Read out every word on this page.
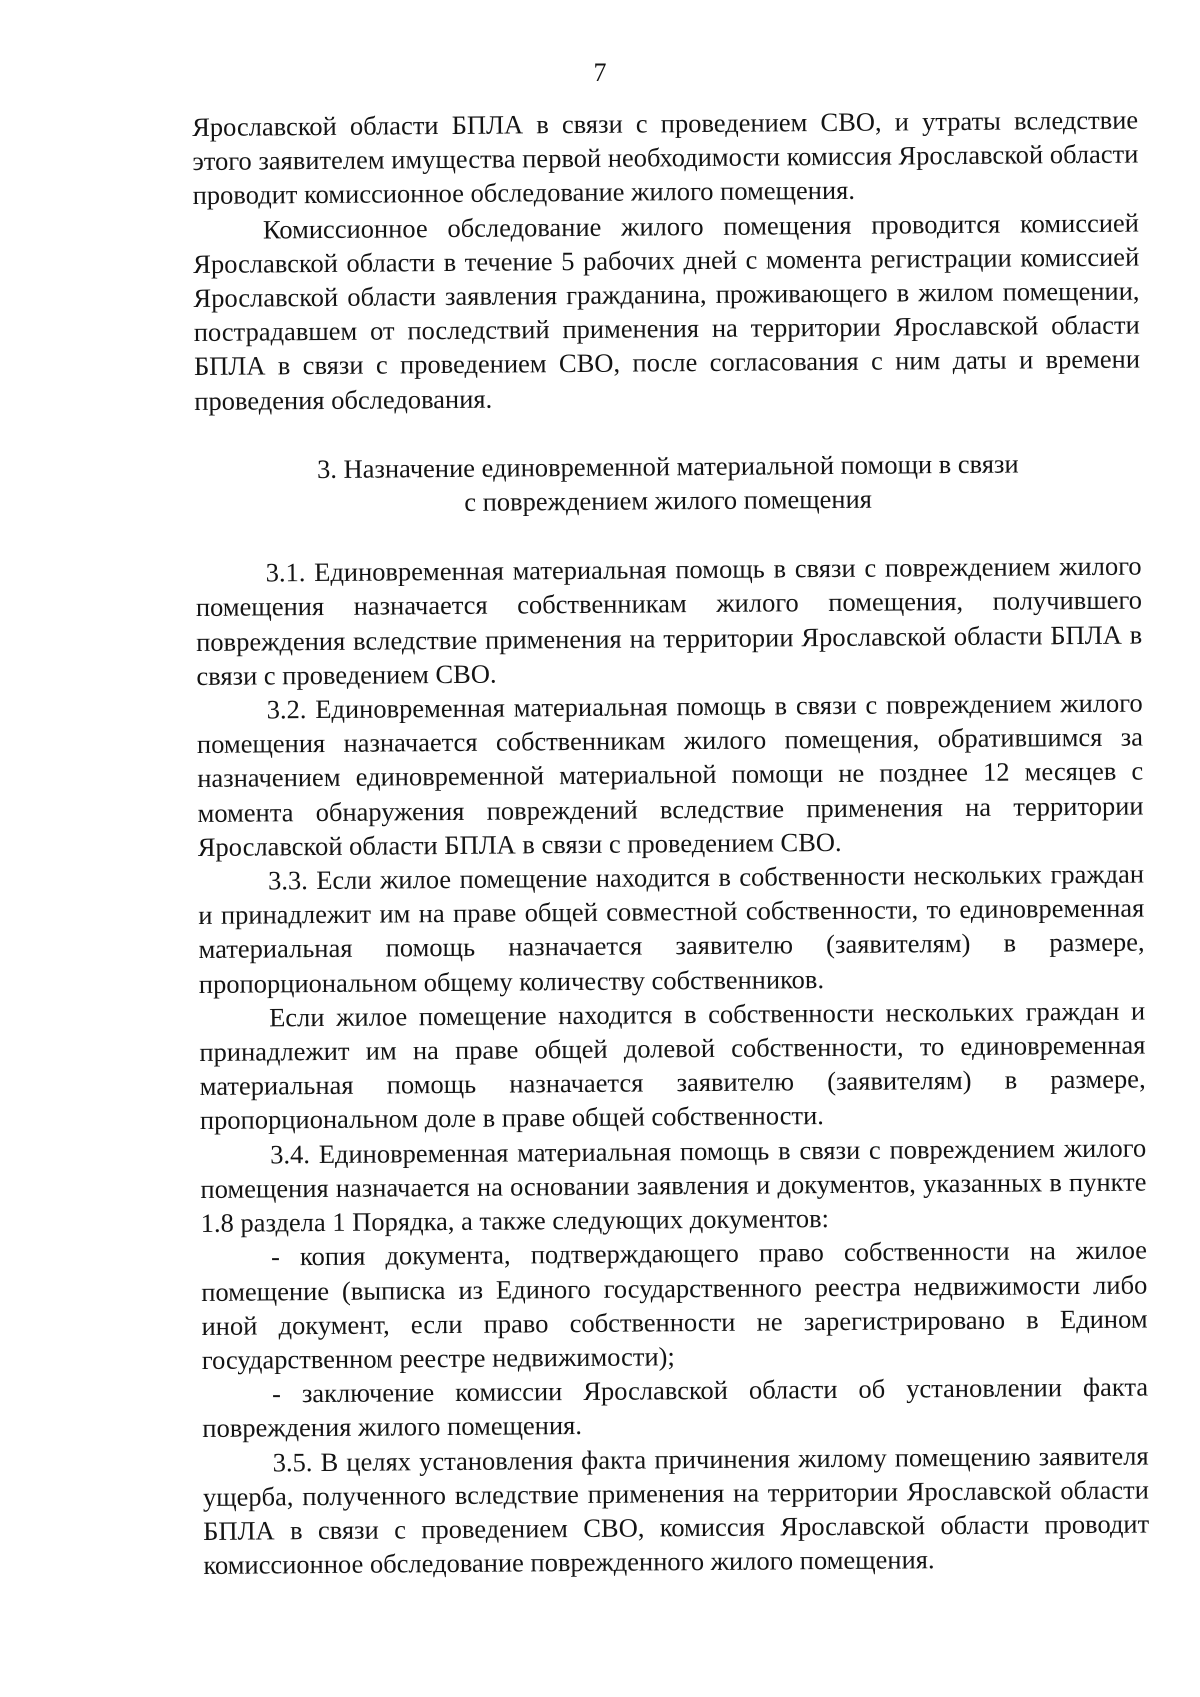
7

Ярославской области БПЛА в связи с проведением СВО, и утраты вследствие этого заявителем имущества первой необходимости комиссия Ярославской области проводит комиссионное обследование жилого помещения.

Комиссионное обследование жилого помещения проводится комиссией Ярославской области в течение 5 рабочих дней с момента регистрации комиссией Ярославской области заявления гражданина, проживающего в жилом помещении, пострадавшем от последствий применения на территории Ярославской области БПЛА в связи с проведением СВО, после согласования с ним даты и времени проведения обследования.

3. Назначение единовременной материальной помощи в связи
с повреждением жилого помещения

3.1. Единовременная материальная помощь в связи с повреждением жилого помещения назначается собственникам жилого помещения, получившего повреждения вследствие применения на территории Ярославской области БПЛА в связи с проведением СВО.

3.2. Единовременная материальная помощь в связи с повреждением жилого помещения назначается собственникам жилого помещения, обратившимся за назначением единовременной материальной помощи не позднее 12 месяцев с момента обнаружения повреждений вследствие применения на территории Ярославской области БПЛА в связи с проведением СВО.

3.3. Если жилое помещение находится в собственности нескольких граждан и принадлежит им на праве общей совместной собственности, то единовременная материальная помощь назначается заявителю (заявителям) в размере, пропорциональном общему количеству собственников.

Если жилое помещение находится в собственности нескольких граждан и принадлежит им на праве общей долевой собственности, то единовременная материальная помощь назначается заявителю (заявителям) в размере, пропорциональном доле в праве общей собственности.

3.4. Единовременная материальная помощь в связи с повреждением жилого помещения назначается на основании заявления и документов, указанных в пункте 1.8 раздела 1 Порядка, а также следующих документов:

- копия документа, подтверждающего право собственности на жилое помещение (выписка из Единого государственного реестра недвижимости либо иной документ, если право собственности не зарегистрировано в Едином государственном реестре недвижимости);

- заключение комиссии Ярославской области об установлении факта повреждения жилого помещения.

3.5. В целях установления факта причинения жилому помещению заявителя ущерба, полученного вследствие применения на территории Ярославской области БПЛА в связи с проведением СВО, комиссия Ярославской области проводит комиссионное обследование поврежденного жилого помещения.
